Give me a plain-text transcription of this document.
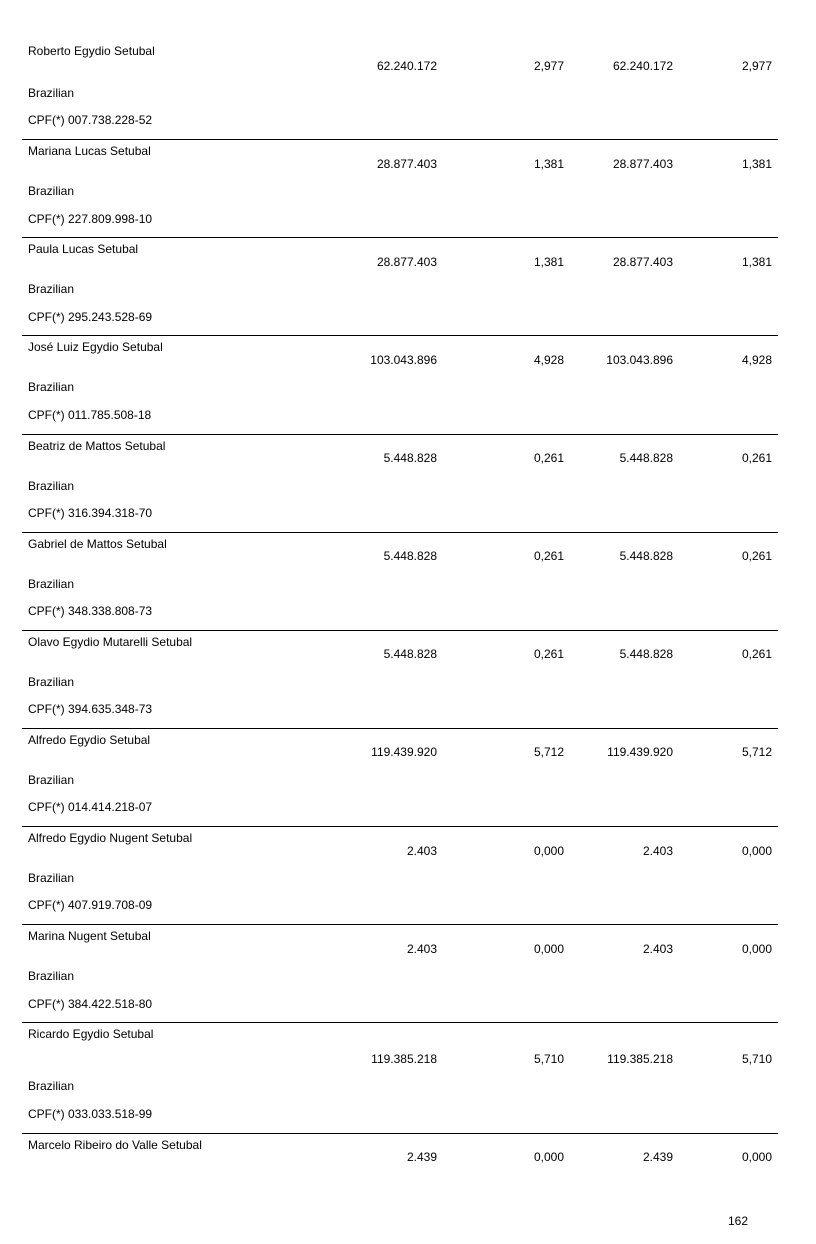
Roberto Egydio Setubal
62.240.172	2,977	62.240.172	2,977
Brazilian
CPF(*) 007.738.228-52
Mariana Lucas Setubal
28.877.403	1,381	28.877.403	1,381
Brazilian
CPF(*) 227.809.998-10
Paula Lucas Setubal
28.877.403	1,381	28.877.403	1,381
Brazilian
CPF(*) 295.243.528-69
José Luiz Egydio Setubal
103.043.896	4,928	103.043.896	4,928
Brazilian
CPF(*) 011.785.508-18
Beatriz de Mattos Setubal
5.448.828	0,261	5.448.828	0,261
Brazilian
CPF(*) 316.394.318-70
Gabriel de Mattos Setubal
5.448.828	0,261	5.448.828	0,261
Brazilian
CPF(*) 348.338.808-73
Olavo Egydio Mutarelli Setubal
5.448.828	0,261	5.448.828	0,261
Brazilian
CPF(*) 394.635.348-73
Alfredo Egydio Setubal
119.439.920	5,712	119.439.920	5,712
Brazilian
CPF(*) 014.414.218-07
Alfredo Egydio Nugent Setubal
2.403	0,000	2.403	0,000
Brazilian
CPF(*) 407.919.708-09
Marina Nugent Setubal
2.403	0,000	2.403	0,000
Brazilian
CPF(*) 384.422.518-80
Ricardo Egydio Setubal
119.385.218	5,710	119.385.218	5,710
Brazilian
CPF(*) 033.033.518-99
Marcelo Ribeiro do Valle Setubal
2.439	0,000	2.439	0,000
162
